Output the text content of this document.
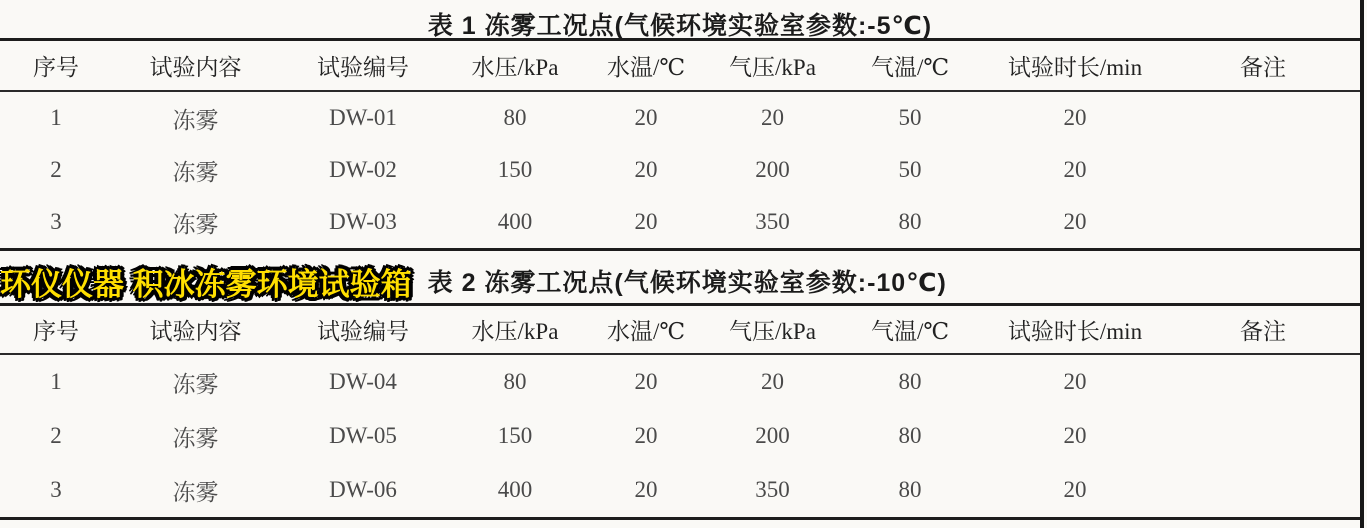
表 1 冻雾工况点(气候环境实验室参数:-5℃)
序号	试验内容	试验编号	水压/kPa	水温/℃	气压/kPa	气温/℃	试验时长/min	备注
1	冻雾	DW-01	80	20	20	50	20	
2	冻雾	DW-02	150	20	200	50	20	
3	冻雾	DW-03	400	20	350	80	20	
环仪仪器 积冰冻雾环境试验箱 表 2 冻雾工况点(气候环境实验室参数:-10℃)
序号	试验内容	试验编号	水压/kPa	水温/℃	气压/kPa	气温/℃	试验时长/min	备注
1	冻雾	DW-04	80	20	20	80	20	
2	冻雾	DW-05	150	20	200	80	20	
3	冻雾	DW-06	400	20	350	80	20	
